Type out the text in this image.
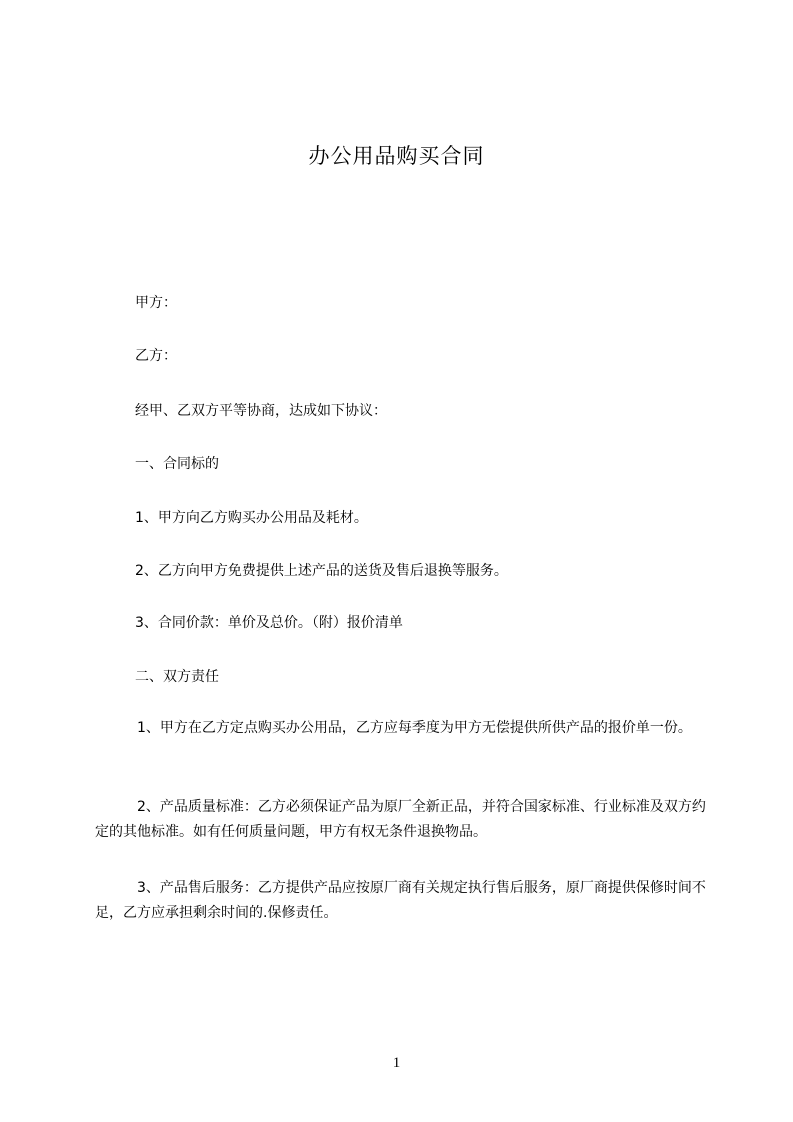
办公用品购买合同
甲方：
乙方：
经甲、乙双方平等协商，达成如下协议：
一、合同标的
1、甲方向乙方购买办公用品及耗材。
2、乙方向甲方免费提供上述产品的送货及售后退换等服务。
3、合同价款：单价及总价。（附）报价清单
二、双方责任
1、甲方在乙方定点购买办公用品，乙方应每季度为甲方无偿提供所供产品的报价单一份。
2、产品质量标准：乙方必须保证产品为原厂全新正品，并符合国家标准、行业标准及双方约定的其他标准。如有任何质量问题，甲方有权无条件退换物品。
3、产品售后服务：乙方提供产品应按原厂商有关规定执行售后服务，原厂商提供保修时间不足，乙方应承担剩余时间的.保修责任。
1
